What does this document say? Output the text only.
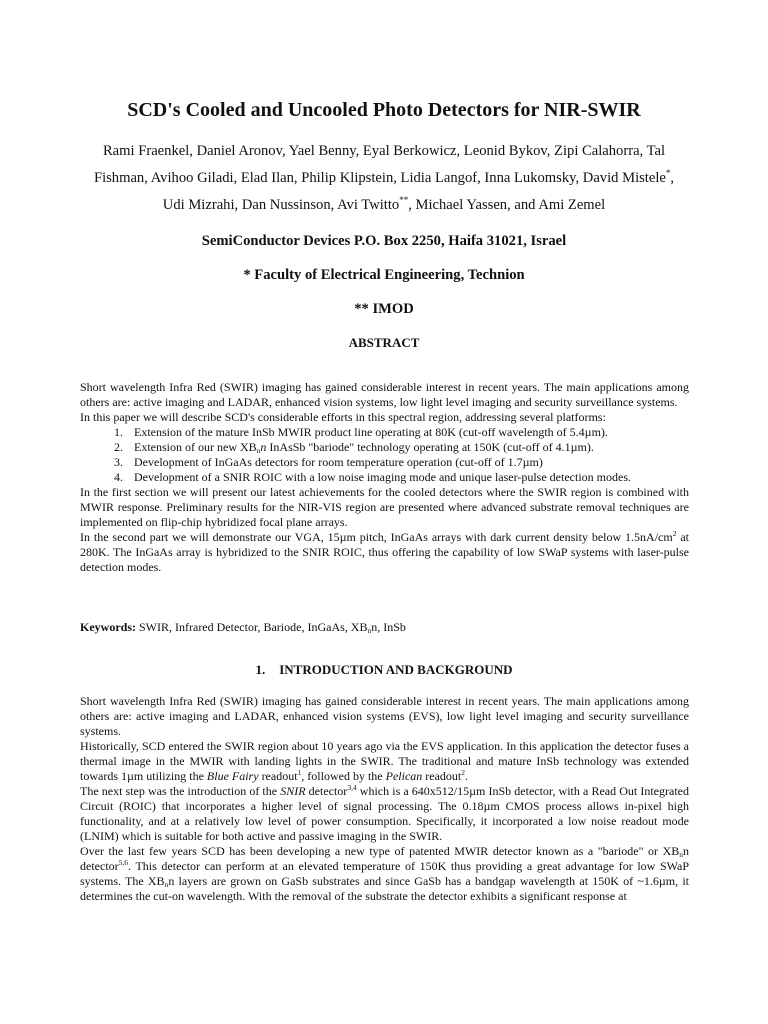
SCD's Cooled and Uncooled Photo Detectors for NIR-SWIR

Rami Fraenkel, Daniel Aronov, Yael Benny, Eyal Berkowicz, Leonid Bykov, Zipi Calahorra, Tal Fishman, Avihoo Giladi, Elad Ilan, Philip Klipstein, Lidia Langof, Inna Lukomsky, David Mistele*, Udi Mizrahi, Dan Nussinson, Avi Twitto**, Michael Yassen, and Ami Zemel

SemiConductor Devices P.O. Box 2250, Haifa 31021, Israel

* Faculty of Electrical Engineering, Technion

** IMOD

ABSTRACT

Short wavelength Infra Red (SWIR) imaging has gained considerable interest in recent years. The main applications among others are: active imaging and LADAR, enhanced vision systems, low light level imaging and security surveillance systems.

In this paper we will describe SCD's considerable efforts in this spectral region, addressing several platforms:

1. Extension of the mature InSb MWIR product line operating at 80K (cut-off wavelength of 5.4µm).
2. Extension of our new $XB_nn$ InAsSb "bariode" technology operating at 150K (cut-off of 4.1µm).
3. Development of InGaAs detectors for room temperature operation (cut-off of 1.7µm)
4. Development of a SNIR ROIC with a low noise imaging mode and unique laser-pulse detection modes.

In the first section we will present our latest achievements for the cooled detectors where the SWIR region is combined with MWIR response. Preliminary results for the NIR-VIS region are presented where advanced substrate removal techniques are implemented on flip-chip hybridized focal plane arrays.

In the second part we will demonstrate our VGA, 15µm pitch, InGaAs arrays with dark current density below $1.5nA/cm^2$ at 280K. The InGaAs array is hybridized to the SNIR ROIC, thus offering the capability of low SWaP systems with laser-pulse detection modes.

Keywords: SWIR, Infrared Detector, Bariode, InGaAs, $XB_nn$, InSb

1. INTRODUCTION AND BACKGROUND

Short wavelength Infra Red (SWIR) imaging has gained considerable interest in recent years. The main applications among others are: active imaging and LADAR, enhanced vision systems (EVS), low light level imaging and security surveillance systems.

Historically, SCD entered the SWIR region about 10 years ago via the EVS application. In this application the detector fuses a thermal image in the MWIR with landing lights in the SWIR. The traditional and mature InSb technology was extended towards 1µm utilizing the Blue Fairy readout$^1$, followed by the Pelican readout$^2$.

The next step was the introduction of the SNIR detector$^{3,4}$ which is a 640x512/15µm InSb detector, with a Read Out Integrated Circuit (ROIC) that incorporates a higher level of signal processing. The 0.18µm CMOS process allows in-pixel high functionality, and at a relatively low level of power consumption. Specifically, it incorporated a low noise readout mode (LNIM) which is suitable for both active and passive imaging in the SWIR.

Over the last few years SCD has been developing a new type of patented MWIR detector known as a "bariode" or $XB_nn$ detector$^{5,6}$. This detector can perform at an elevated temperature of 150K thus providing a great advantage for low SWaP systems. The $XB_nn$ layers are grown on GaSb substrates and since GaSb has a bandgap wavelength at 150K of ~1.6µm, it determines the cut-on wavelength. With the removal of the substrate the detector exhibits a significant response at
